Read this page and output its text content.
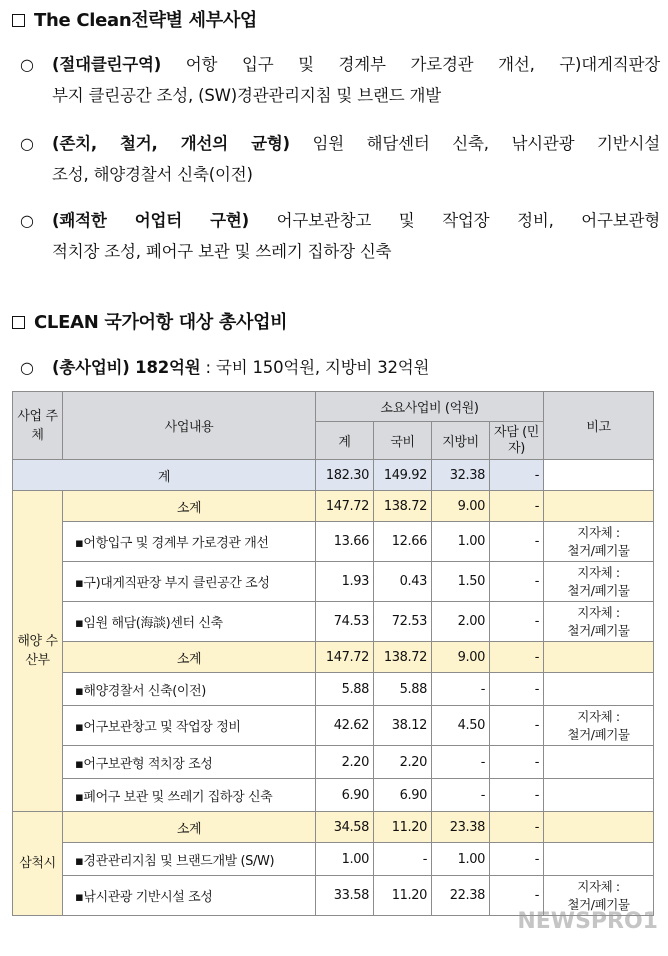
The Clean전략별 세부사업
○	(절대클린구역) 어항 입구 및 경계부 가로경관 개선, 구)대게직판장
부지 클린공간 조성, (SW)경관관리지침 및 브랜드 개발
○	(존치, 철거, 개선의 균형) 임원 해담센터 신축, 낚시관광 기반시설
조성, 해양경찰서 신축(이전)
○	(쾌적한 어업터 구현) 어구보관창고 및 작업장 정비, 어구보관형
적치장 조성, 폐어구 보관 및 쓰레기 집하장 신축
CLEAN 국가어항 대상 총사업비
○	(총사업비) 182억원 : 국비 150억원, 지방비 32억원
사업 주체	사업내용	소요사업비 (억원)				비고
		계	국비	지방비	자담 (민자)	
계		182.30	149.92	32.38	-	
해양 수산부	소계	147.72	138.72	9.00	-	
	▪어항입구 및 경계부 가로경관 개선	13.66	12.66	1.00	-	지자체 :
철거/폐기물
	▪구)대게직판장 부지 클린공간 조성	1.93	0.43	1.50	-	지자체 :
철거/폐기물
	▪임원 해담(海談)센터 신축	74.53	72.53	2.00	-	지자체 :
철거/폐기물
	소계	147.72	138.72	9.00	-	
	▪해양경찰서 신축(이전)	5.88	5.88	-	-	
	▪어구보관창고 및 작업장 정비	42.62	38.12	4.50	-	지자체 :
철거/폐기물
	▪어구보관형 적치장 조성	2.20	2.20	-	-	
	▪폐어구 보관 및 쓰레기 집하장 신축	6.90	6.90	-	-	
삼척시	소계	34.58	11.20	23.38	-	
	▪경관관리지침 및 브랜드개발 (S/W)	1.00	-	1.00	-	
	▪낚시관광 기반시설 조성	33.58	11.20	22.38	-	지자체 :
철거/폐기물
NEWSPRO1
